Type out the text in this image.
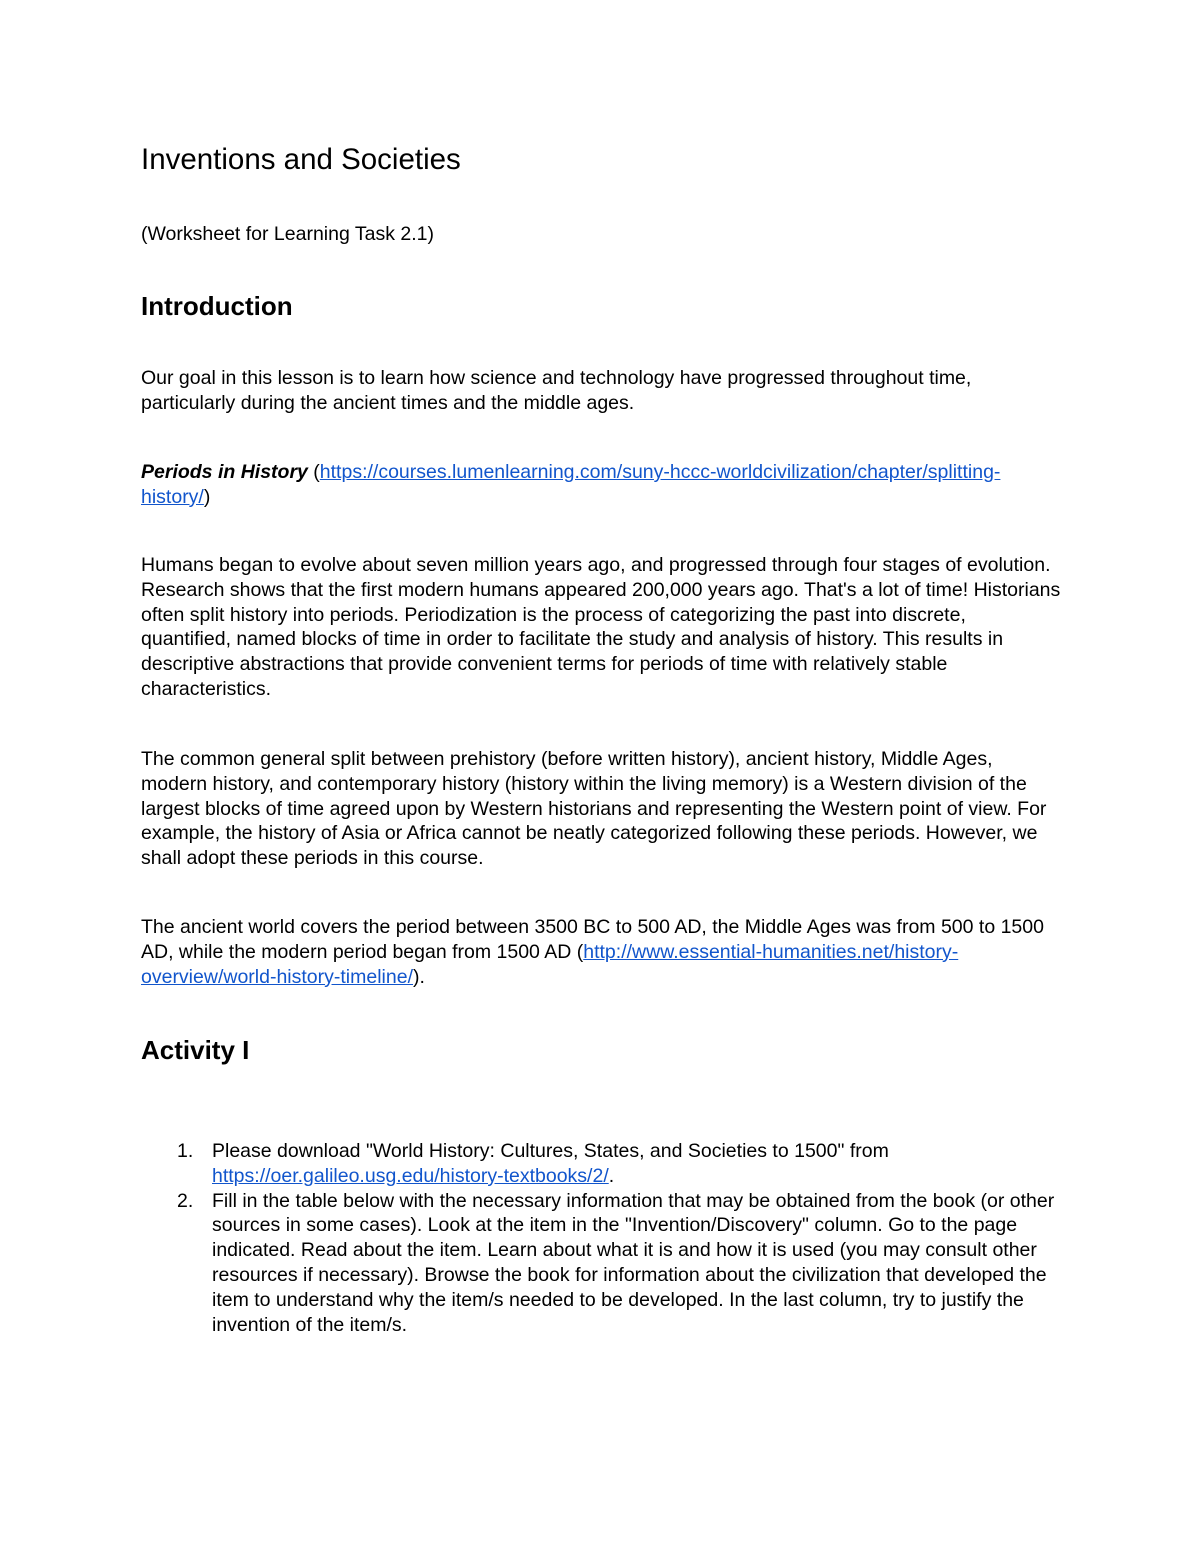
Inventions and Societies
(Worksheet for Learning Task 2.1)
Introduction

Our goal in this lesson is to learn how science and technology have progressed throughout time, particularly during the ancient times and the middle ages.

Periods in History (https://courses.lumenlearning.com/suny-hccc-worldcivilization/chapter/splitting-history/)

Humans began to evolve about seven million years ago, and progressed through four stages of evolution. Research shows that the first modern humans appeared 200,000 years ago. That's a lot of time! Historians often split history into periods. Periodization is the process of categorizing the past into discrete, quantified, named blocks of time in order to facilitate the study and analysis of history. This results in descriptive abstractions that provide convenient terms for periods of time with relatively stable characteristics.

The common general split between prehistory (before written history), ancient history, Middle Ages, modern history, and contemporary history (history within the living memory) is a Western division of the largest blocks of time agreed upon by Western historians and representing the Western point of view. For example, the history of Asia or Africa cannot be neatly categorized following these periods. However, we shall adopt these periods in this course.

The ancient world covers the period between 3500 BC to 500 AD, the Middle Ages was from 500 to 1500 AD, while the modern period began from 1500 AD (http://www.essential-humanities.net/history-overview/world-history-timeline/).

Activity I
1. Please download "World History: Cultures, States, and Societies to 1500" from https://oer.galileo.usg.edu/history-textbooks/2/.
2. Fill in the table below with the necessary information that may be obtained from the book (or other sources in some cases). Look at the item in the "Invention/Discovery" column. Go to the page indicated. Read about the item. Learn about what it is and how it is used (you may consult other resources if necessary). Browse the book for information about the civilization that developed the item to understand why the item/s needed to be developed. In the last column, try to justify the invention of the item/s.
